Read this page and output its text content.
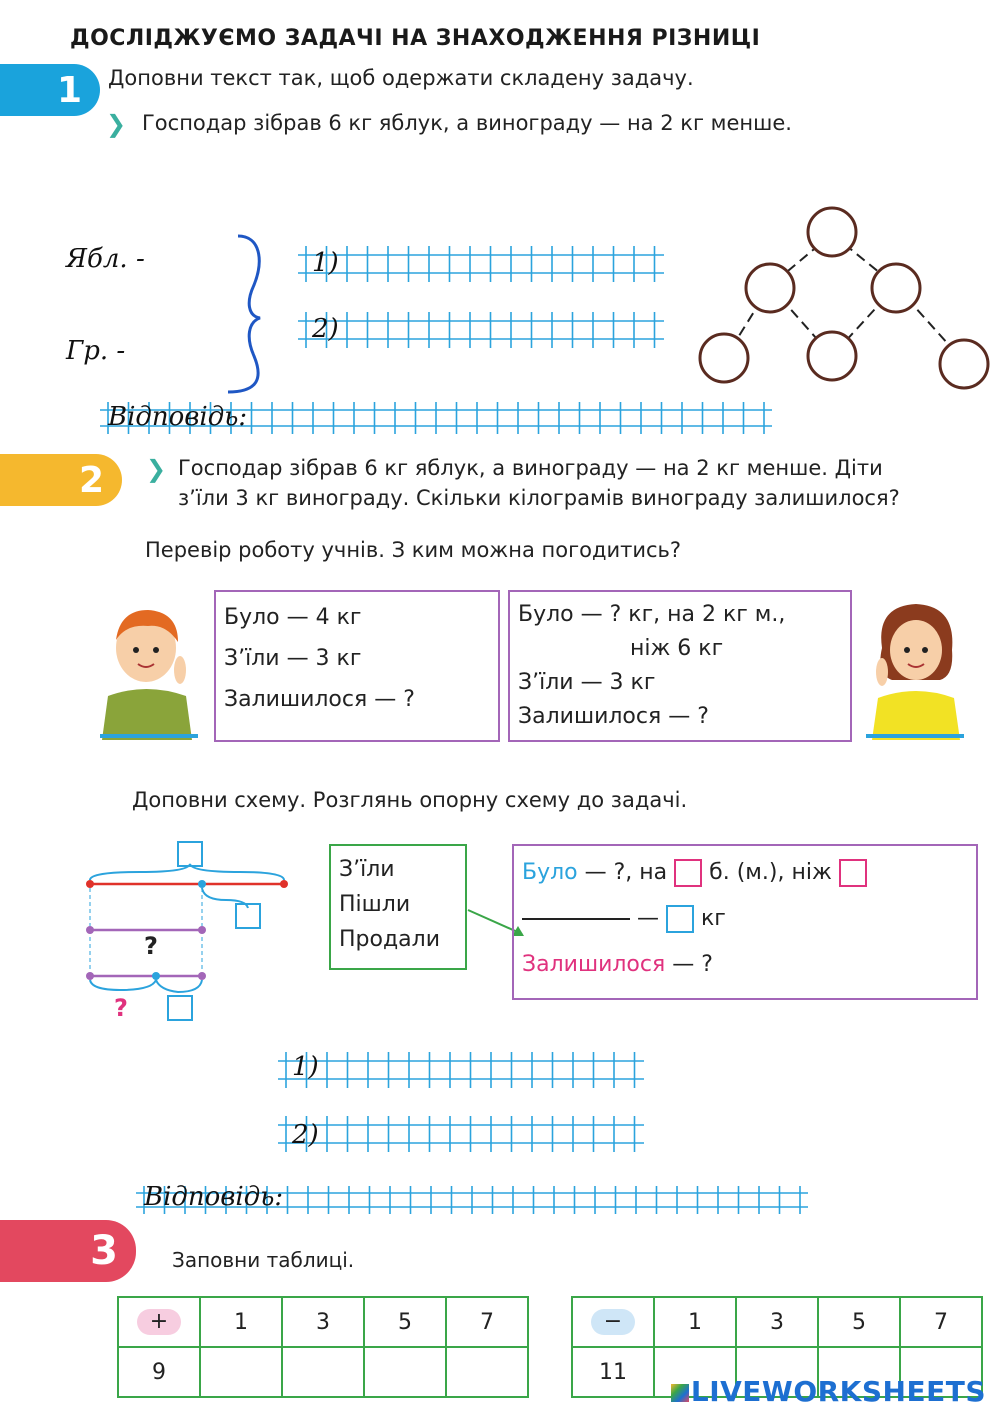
ДОСЛІДЖУЄМО ЗАДАЧІ НА ЗНАХОДЖЕННЯ РІЗНИЦІ
1 Доповни текст так, щоб одержати складену задачу.
❯ Господар зібрав 6 кг яблук, а винограду — на 2 кг менше.
Ябл. -
Гр. -
1)
2)
Відповідь:
2 ❯ Господар зібрав 6 кг яблук, а винограду — на 2 кг менше. Діти
з’їли 3 кг винограду. Скільки кілограмів винограду залишилося?
Перевір роботу учнів. З ким можна погодитись?
Було — 4 кг
З’їли — 3 кг
Залишилося — ?
Було — ? кг, на 2 кг м.,
ніж 6 кг
З’їли — 3 кг
Залишилося — ?
Доповни схему. Розглянь опорну схему до задачі.
?
?
З’їли
Пішли
Продали
Було — ?, на  б. (м.), ніж
—  кг
Залишилося — ?
1)
2)
Відповідь:
3	Заповни таблиці.
+	1	3	5	7
9				
−	1	3	5	7
11				
LIVEWORKSHEETS
